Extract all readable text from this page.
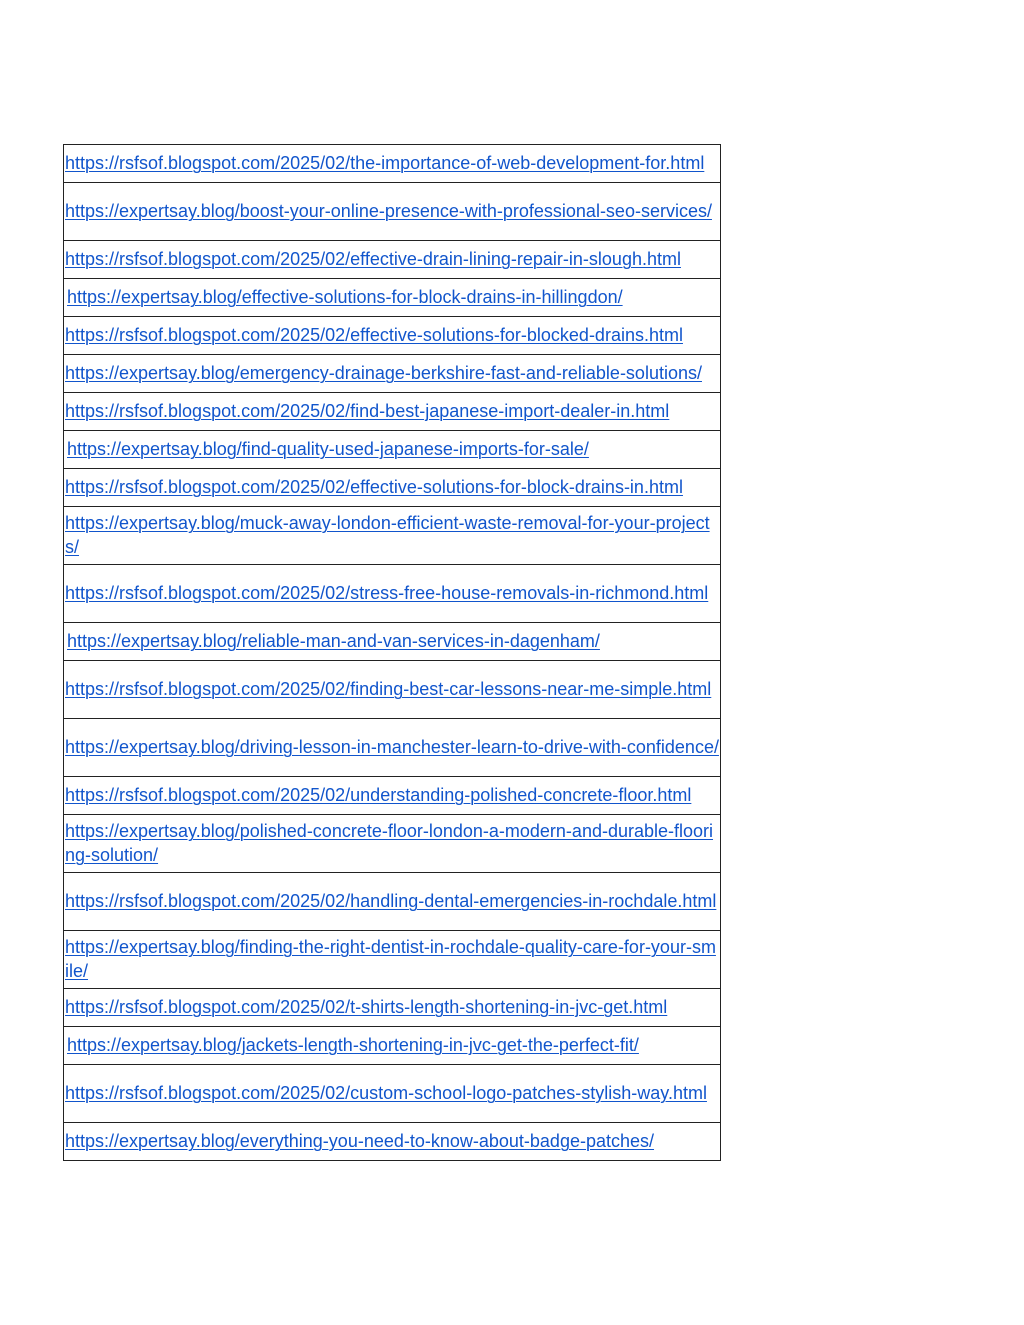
https://rsfsof.blogspot.com/2025/02/the-importance-of-web-development-for.html
https://expertsay.blog/boost-your-online-presence-with-professional-seo-services/
https://rsfsof.blogspot.com/2025/02/effective-drain-lining-repair-in-slough.html
https://expertsay.blog/effective-solutions-for-block-drains-in-hillingdon/
https://rsfsof.blogspot.com/2025/02/effective-solutions-for-blocked-drains.html
https://expertsay.blog/emergency-drainage-berkshire-fast-and-reliable-solutions/
https://rsfsof.blogspot.com/2025/02/find-best-japanese-import-dealer-in.html
https://expertsay.blog/find-quality-used-japanese-imports-for-sale/
https://rsfsof.blogspot.com/2025/02/effective-solutions-for-block-drains-in.html
https://expertsay.blog/muck-away-london-efficient-waste-removal-for-your-projects/
https://rsfsof.blogspot.com/2025/02/stress-free-house-removals-in-richmond.html
https://expertsay.blog/reliable-man-and-van-services-in-dagenham/
https://rsfsof.blogspot.com/2025/02/finding-best-car-lessons-near-me-simple.html
https://expertsay.blog/driving-lesson-in-manchester-learn-to-drive-with-confidence/
https://rsfsof.blogspot.com/2025/02/understanding-polished-concrete-floor.html
https://expertsay.blog/polished-concrete-floor-london-a-modern-and-durable-flooring-solution/
https://rsfsof.blogspot.com/2025/02/handling-dental-emergencies-in-rochdale.html
https://expertsay.blog/finding-the-right-dentist-in-rochdale-quality-care-for-your-smile/
https://rsfsof.blogspot.com/2025/02/t-shirts-length-shortening-in-jvc-get.html
https://expertsay.blog/jackets-length-shortening-in-jvc-get-the-perfect-fit/
https://rsfsof.blogspot.com/2025/02/custom-school-logo-patches-stylish-way.html
https://expertsay.blog/everything-you-need-to-know-about-badge-patches/
